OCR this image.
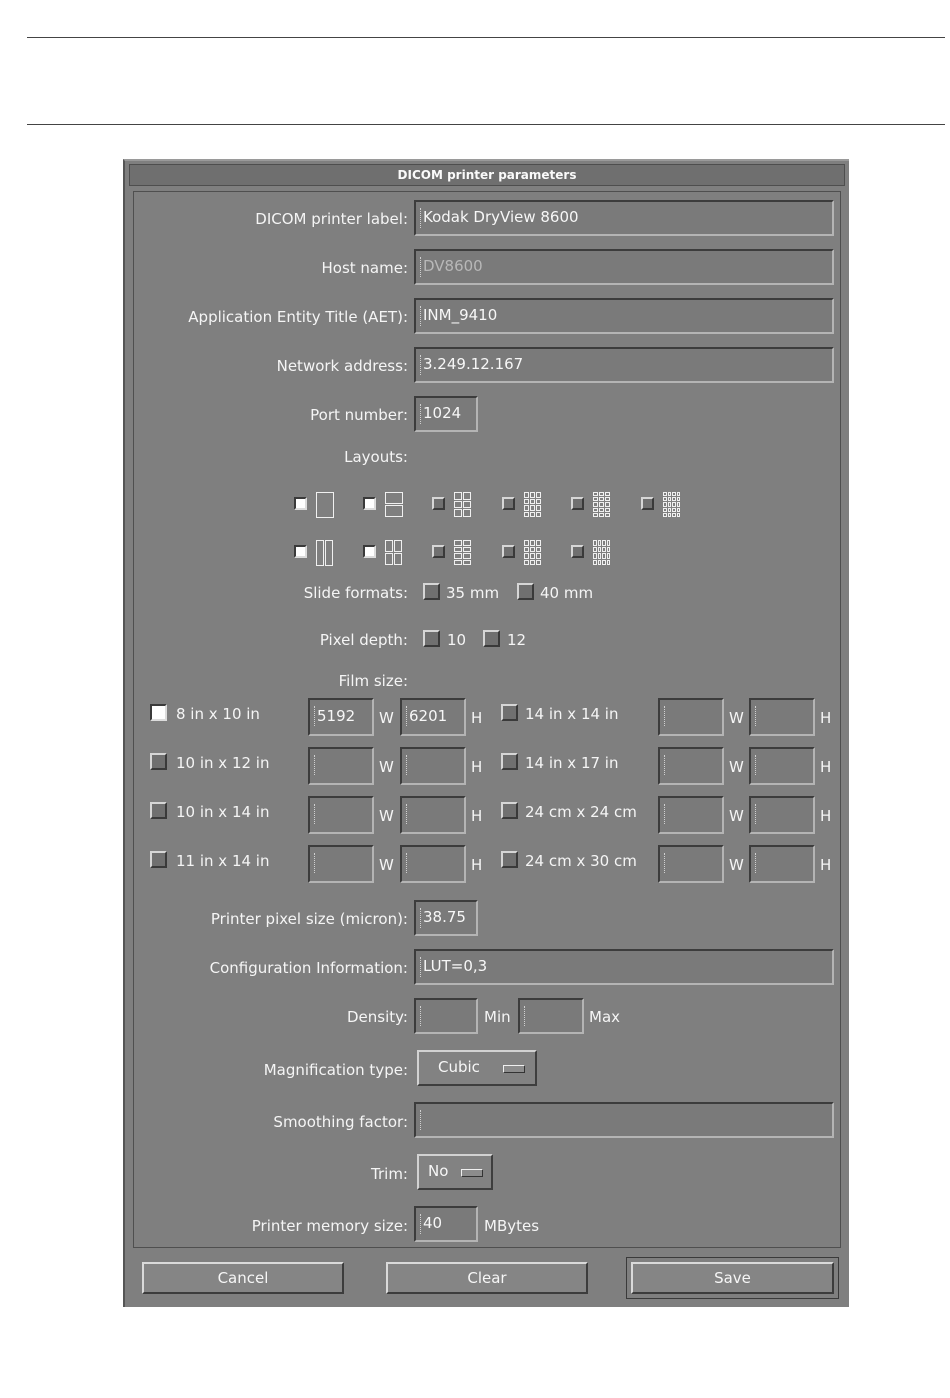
DICOM printer parameters
DICOM printer label:	Kodak DryView 8600
Host name:	DV8600
Application Entity Title (AET):	INM_9410
Network address:	3.249.12.167
Port number:	1024
Layouts:
Slide formats:	35 mm	40 mm
Pixel depth:	10	12
Film size:
8 in x 10 in	5192	W	6201	H
10 in x 12 in	W	H
10 in x 14 in	W	H
11 in x 14 in	W	H
14 in x 14 in	W	H
14 in x 17 in	W	H
24 cm x 24 cm	W	H
24 cm x 30 cm	W	H
Printer pixel size (micron):	38.75
Configuration Information:	LUT=0,3
Density:	Min	Max
Magnification type: Cubic
Smoothing factor:
Trim: No
Printer memory size:	40	MBytes
Cancel	Clear	Save
